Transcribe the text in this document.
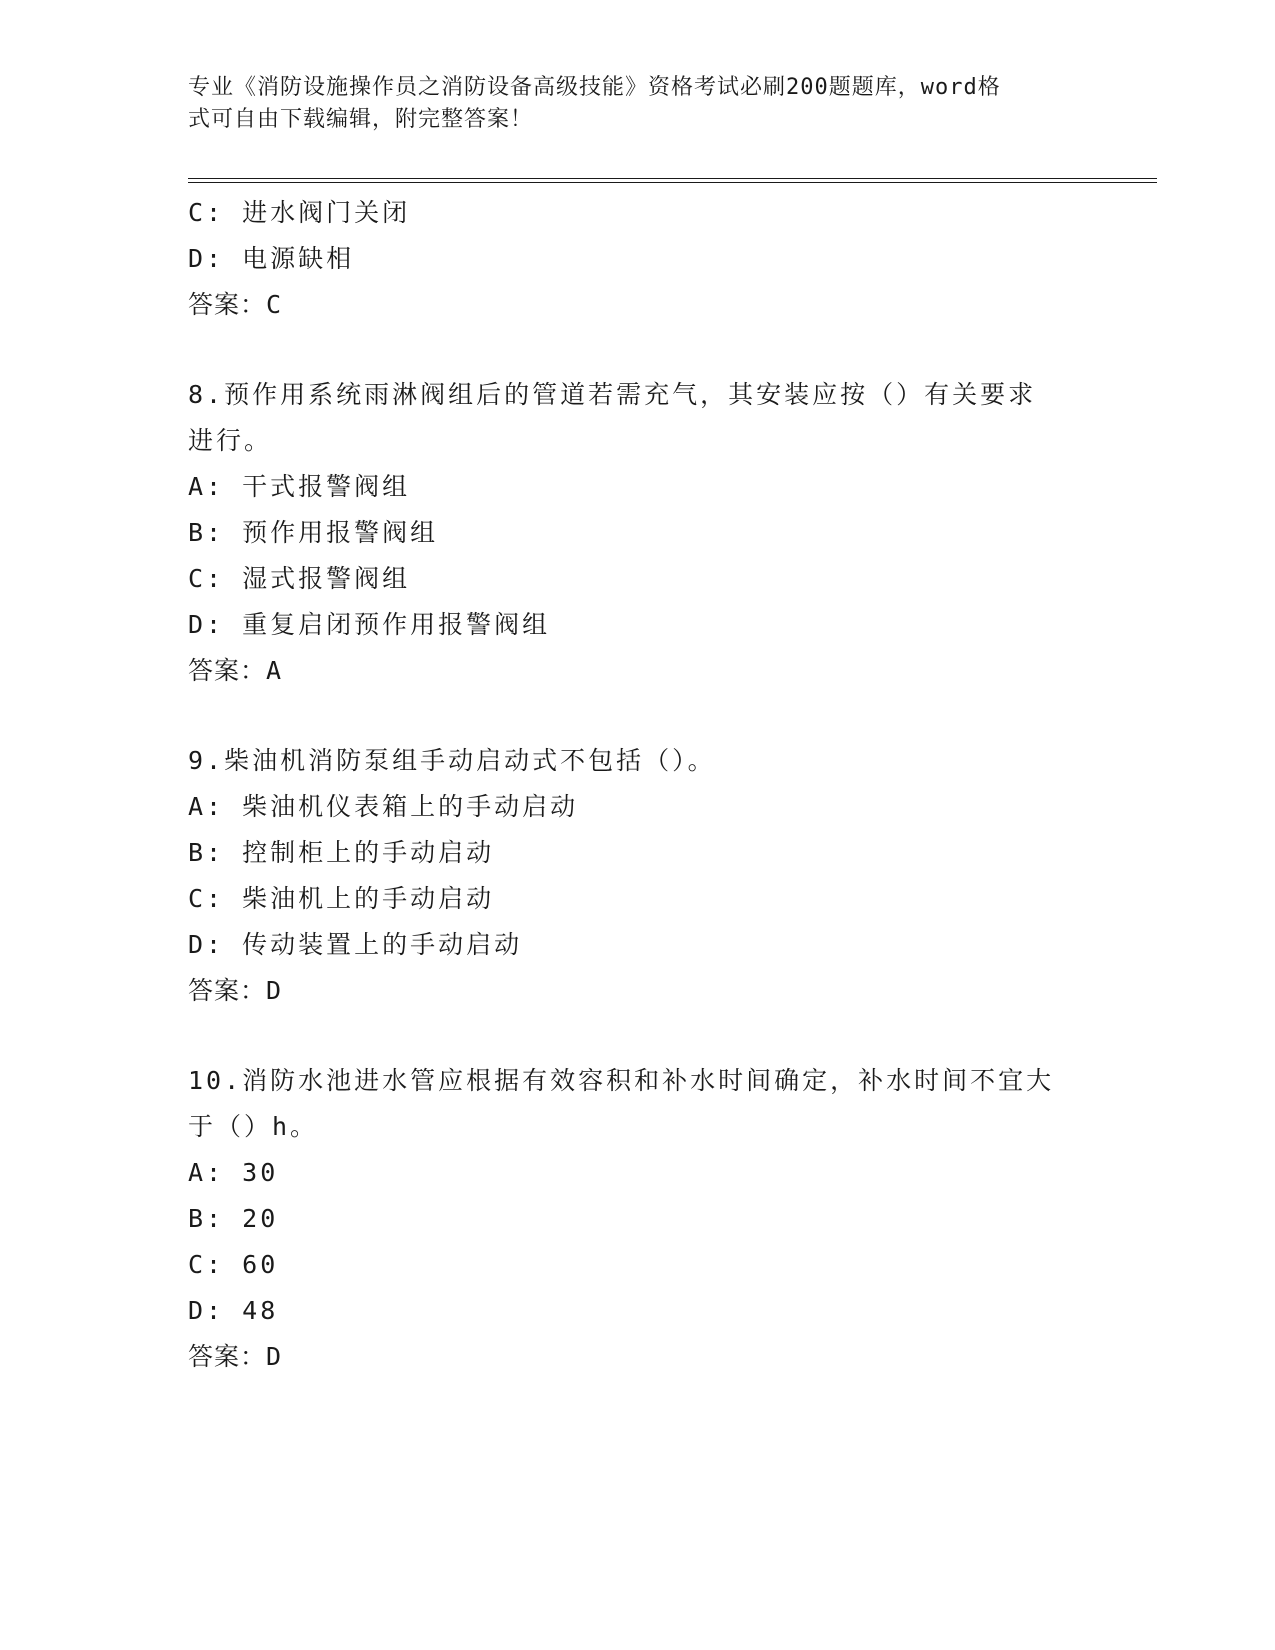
专业《消防设施操作员之消防设备高级技能》资格考试必刷200题题库，word格
式可自由下载编辑，附完整答案！
C: 进水阀门关闭
D: 电源缺相
答案：C
8.预作用系统雨淋阀组后的管道若需充气，其安装应按（）有关要求
进行。
A: 干式报警阀组
B: 预作用报警阀组
C: 湿式报警阀组
D: 重复启闭预作用报警阀组
答案：A
9.柴油机消防泵组手动启动式不包括（）。
A: 柴油机仪表箱上的手动启动
B: 控制柜上的手动启动
C: 柴油机上的手动启动
D: 传动装置上的手动启动
答案：D
10.消防水池进水管应根据有效容积和补水时间确定，补水时间不宜大
于（）h。
A: 30
B: 20
C: 60
D: 48
答案：D
